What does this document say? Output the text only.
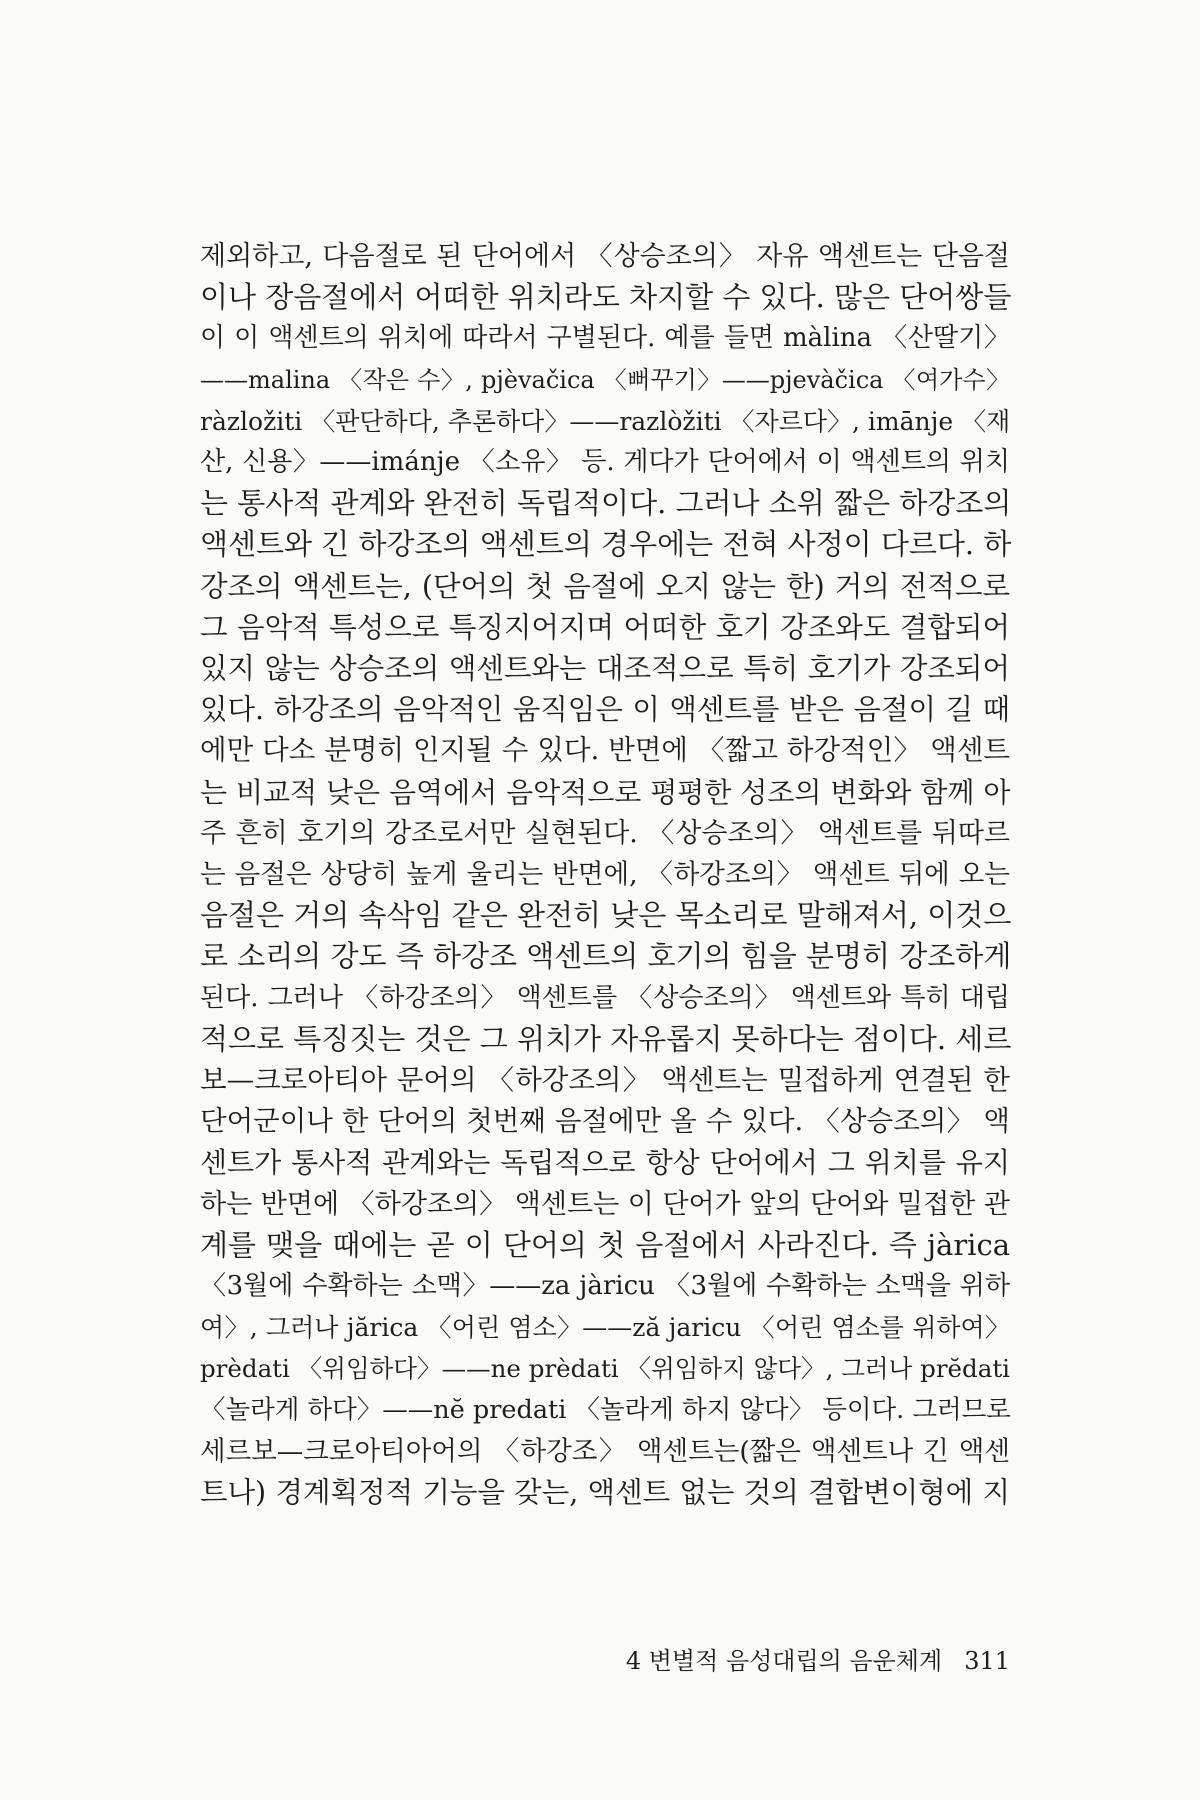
제외하고, 다음절로 된 단어에서 〈상승조의〉 자유 액센트는 단음절
이나 장음절에서 어떠한 위치라도 차지할 수 있다. 많은 단어쌍들
이 이 액센트의 위치에 따라서 구별된다. 예를 들면 màlina 〈산딸기〉
——malina 〈작은 수〉, pjèvačica 〈뻐꾸기〉——pjevàčica 〈여가수〉
ràzložiti 〈판단하다, 추론하다〉——razlòžiti 〈자르다〉, imānje 〈재
산, 신용〉——imánje 〈소유〉 등. 게다가 단어에서 이 액센트의 위치
는 통사적 관계와 완전히 독립적이다. 그러나 소위 짧은 하강조의
액센트와 긴 하강조의 액센트의 경우에는 전혀 사정이 다르다. 하
강조의 액센트는, (단어의 첫 음절에 오지 않는 한) 거의 전적으로
그 음악적 특성으로 특징지어지며 어떠한 호기 강조와도 결합되어
있지 않는 상승조의 액센트와는 대조적으로 특히 호기가 강조되어
있다. 하강조의 음악적인 움직임은 이 액센트를 받은 음절이 길 때
에만 다소 분명히 인지될 수 있다. 반면에 〈짧고 하강적인〉 액센트
는 비교적 낮은 음역에서 음악적으로 평평한 성조의 변화와 함께 아
주 흔히 호기의 강조로서만 실현된다. 〈상승조의〉 액센트를 뒤따르
는 음절은 상당히 높게 울리는 반면에, 〈하강조의〉 액센트 뒤에 오는
음절은 거의 속삭임 같은 완전히 낮은 목소리로 말해져서, 이것으
로 소리의 강도 즉 하강조 액센트의 호기의 힘을 분명히 강조하게
된다. 그러나 〈하강조의〉 액센트를 〈상승조의〉 액센트와 특히 대립
적으로 특징짓는 것은 그 위치가 자유롭지 못하다는 점이다. 세르
보—크로아티아 문어의 〈하강조의〉 액센트는 밀접하게 연결된 한
단어군이나 한 단어의 첫번째 음절에만 올 수 있다. 〈상승조의〉 액
센트가 통사적 관계와는 독립적으로 항상 단어에서 그 위치를 유지
하는 반면에 〈하강조의〉 액센트는 이 단어가 앞의 단어와 밀접한 관
계를 맺을 때에는 곧 이 단어의 첫 음절에서 사라진다. 즉 jàrica
〈3월에 수확하는 소맥〉——za jàricu 〈3월에 수확하는 소맥을 위하
여〉, 그러나 jărica 〈어린 염소〉——ză jaricu 〈어린 염소를 위하여〉
prèdati 〈위임하다〉——ne prèdati 〈위임하지 않다〉, 그러나 prĕdati
〈놀라게 하다〉——nĕ predati 〈놀라게 하지 않다〉 등이다. 그러므로
세르보—크로아티아어의 〈하강조〉 액센트는(짧은 액센트나 긴 액센
트나) 경계획정적 기능을 갖는, 액센트 없는 것의 결합변이형에 지
4 변별적 음성대립의 음운체계 311
